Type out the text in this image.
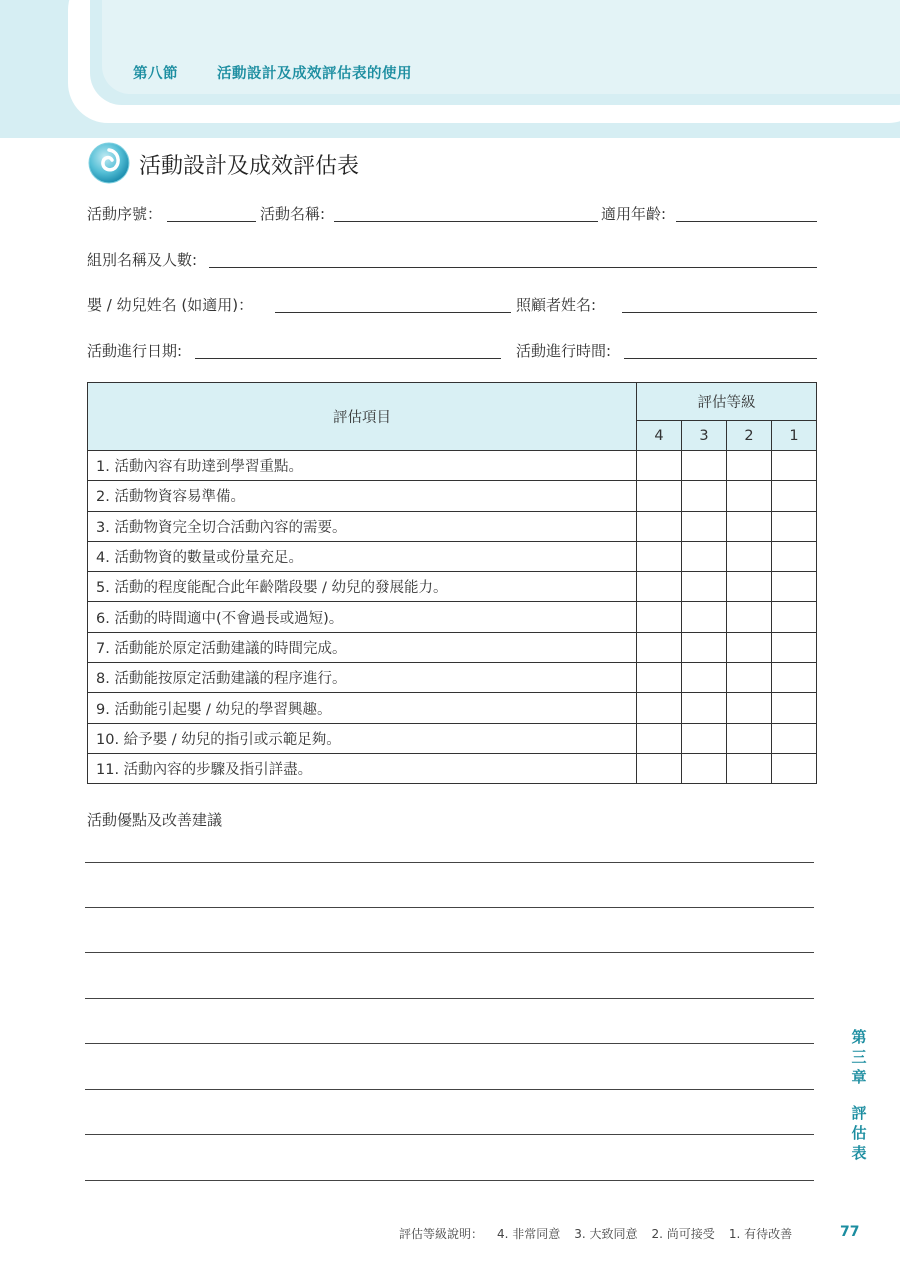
第八節	活動設計及成效評估表的使用
活動設計及成效評估表
活動序號：	活動名稱:	適用年齡:
組別名稱及人數:
嬰 / 幼兒姓名 (如適用)：	照顧者姓名:
活動進行日期:	活動進行時間:
評估項目	評估等級			
	4	3	2	1
1. 活動內容有助達到學習重點。				
2. 活動物資容易準備。				
3. 活動物資完全切合活動內容的需要。				
4. 活動物資的數量或份量充足。				
5. 活動的程度能配合此年齡階段嬰 / 幼兒的發展能力。				
6. 活動的時間適中(不會過長或過短)。				
7. 活動能於原定活動建議的時間完成。				
8. 活動能按原定活動建議的程序進行。				
9. 活動能引起嬰 / 幼兒的學習興趣。				
10. 給予嬰 / 幼兒的指引或示範足夠。				
11. 活動內容的步驟及指引詳盡。				
活動優點及改善建議
第
三
章
評
估
表
評估等級說明： 4. 非常同意 3. 大致同意 2. 尚可接受 1. 有待改善	77
